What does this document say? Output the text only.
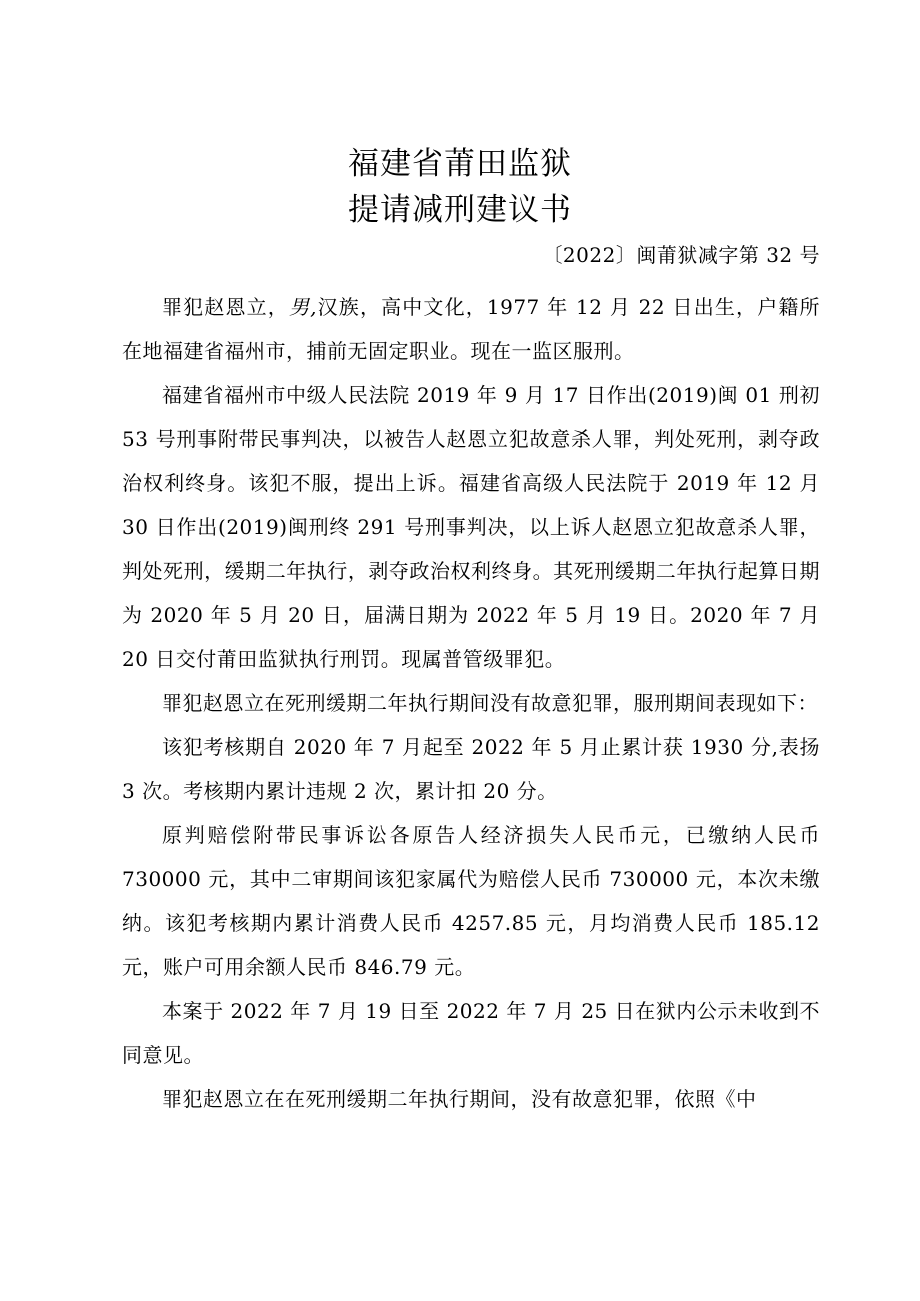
福建省莆田监狱
提请减刑建议书
〔2022〕闽莆狱减字第 32 号

罪犯赵恩立，男,汉族，高中文化，1977 年 12 月 22 日出生，户籍所在地福建省福州市，捕前无固定职业。现在一监区服刑。

福建省福州市中级人民法院 2019 年 9 月 17 日作出(2019)闽 01 刑初 53 号刑事附带民事判决，以被告人赵恩立犯故意杀人罪，判处死刑，剥夺政治权利终身。该犯不服，提出上诉。福建省高级人民法院于 2019 年 12 月 30 日作出(2019)闽刑终 291 号刑事判决，以上诉人赵恩立犯故意杀人罪，判处死刑，缓期二年执行，剥夺政治权利终身。其死刑缓期二年执行起算日期为 2020 年 5 月 20 日，届满日期为 2022 年 5 月 19 日。2020 年 7 月 20 日交付莆田监狱执行刑罚。现属普管级罪犯。

罪犯赵恩立在死刑缓期二年执行期间没有故意犯罪，服刑期间表现如下：

该犯考核期自 2020 年 7 月起至 2022 年 5 月止累计获 1930 分,表扬 3 次。考核期内累计违规 2 次，累计扣 20 分。

原判赔偿附带民事诉讼各原告人经济损失人民币元，已缴纳人民币 730000 元，其中二审期间该犯家属代为赔偿人民币 730000 元，本次未缴纳。该犯考核期内累计消费人民币 4257.85 元，月均消费人民币 185.12 元，账户可用余额人民币 846.79 元。

本案于 2022 年 7 月 19 日至 2022 年 7 月 25 日在狱内公示未收到不同意见。

罪犯赵恩立在在死刑缓期二年执行期间，没有故意犯罪，依照《中
